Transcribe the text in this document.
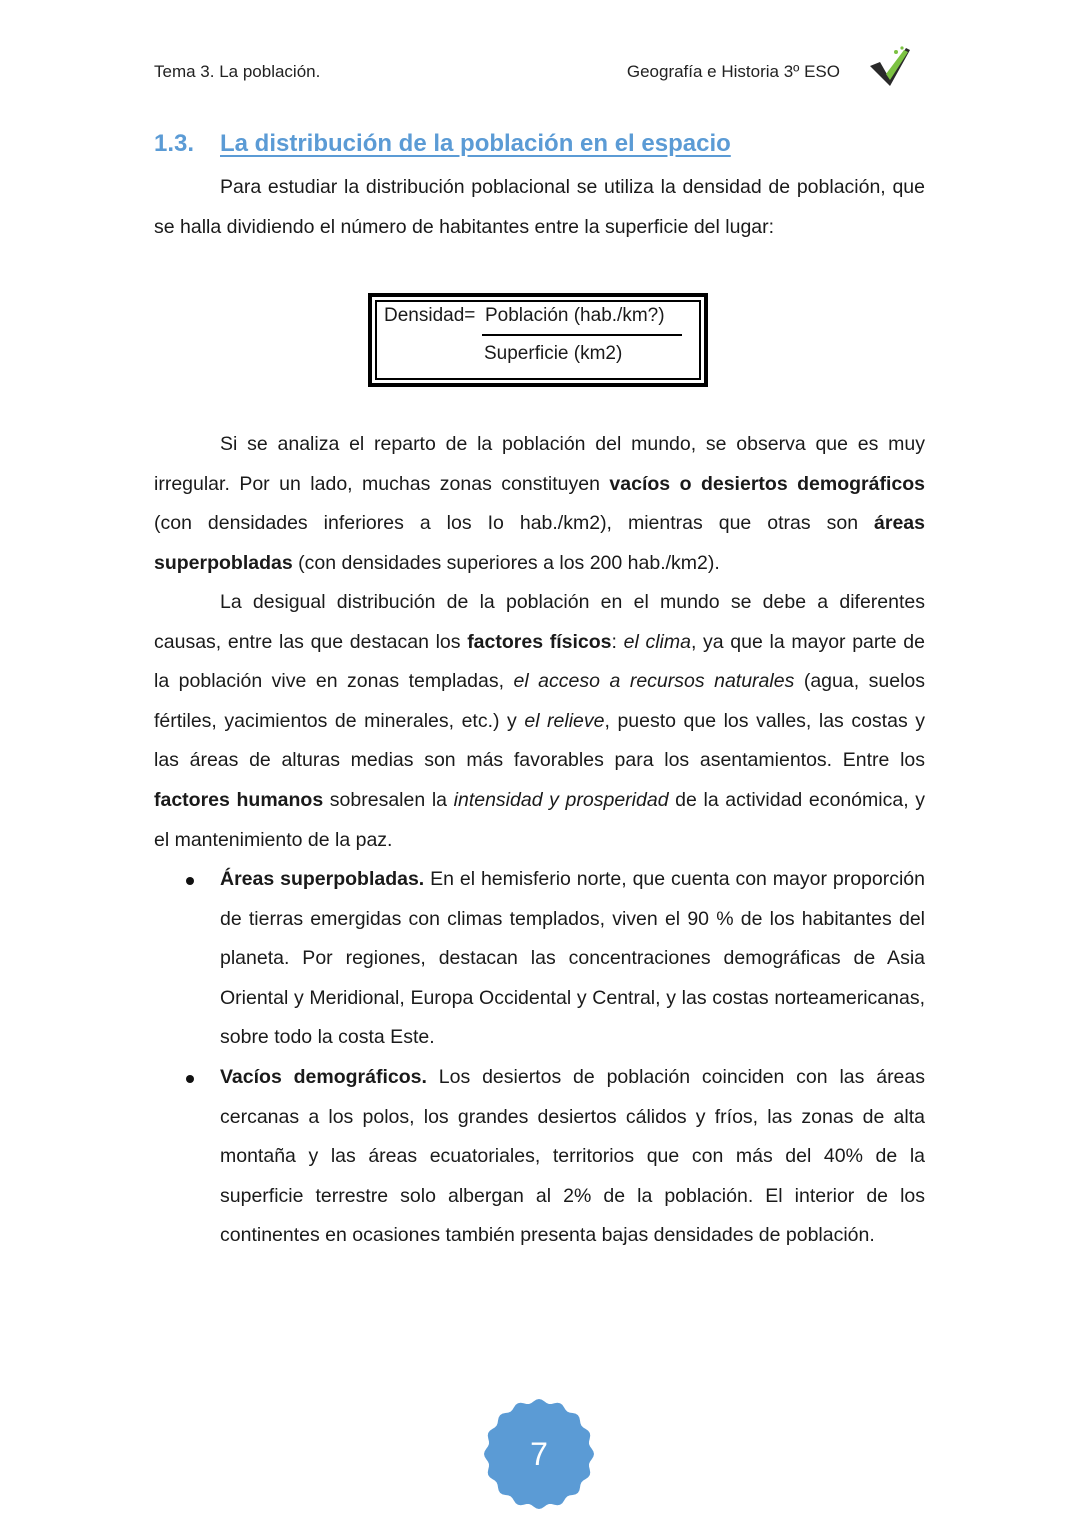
Tema 3. La población.	Geografía e Historia 3º ESO
1.3. La distribución de la población en el espacio

Para estudiar la distribución poblacional se utiliza la densidad de población, que se halla dividiendo el número de habitantes entre la superficie del lugar:

Densidad= Población (hab./km?)
Superficie (km2)

Si se analiza el reparto de la población del mundo, se observa que es muy irregular. Por un lado, muchas zonas constituyen vacíos o desiertos demográficos (con densidades inferiores a los Io hab./km2), mientras que otras son áreas superpobladas (con densidades superiores a los 200 hab./km2).

La desigual distribución de la población en el mundo se debe a diferentes causas, entre las que destacan los factores físicos: el clima, ya que la mayor parte de la población vive en zonas templadas, el acceso a recursos naturales (agua, suelos fértiles, yacimientos de minerales, etc.) y el relieve, puesto que los valles, las costas y las áreas de alturas medias son más favorables para los asentamientos. Entre los factores humanos sobresalen la intensidad y prosperidad de la actividad económica, y el mantenimiento de la paz.

Áreas superpobladas. En el hemisferio norte, que cuenta con mayor proporción de tierras emergidas con climas templados, viven el 90 % de los habitantes del planeta. Por regiones, destacan las concentraciones demográficas de Asia Oriental y Meridional, Europa Occidental y Central, y las costas norteamericanas, sobre todo la costa Este.
Vacíos demográficos. Los desiertos de población coinciden con las áreas cercanas a los polos, los grandes desiertos cálidos y fríos, las zonas de alta montaña y las áreas ecuatoriales, territorios que con más del 40% de la superficie terrestre solo albergan al 2% de la población. El interior de los continentes en ocasiones también presenta bajas densidades de población.
7
